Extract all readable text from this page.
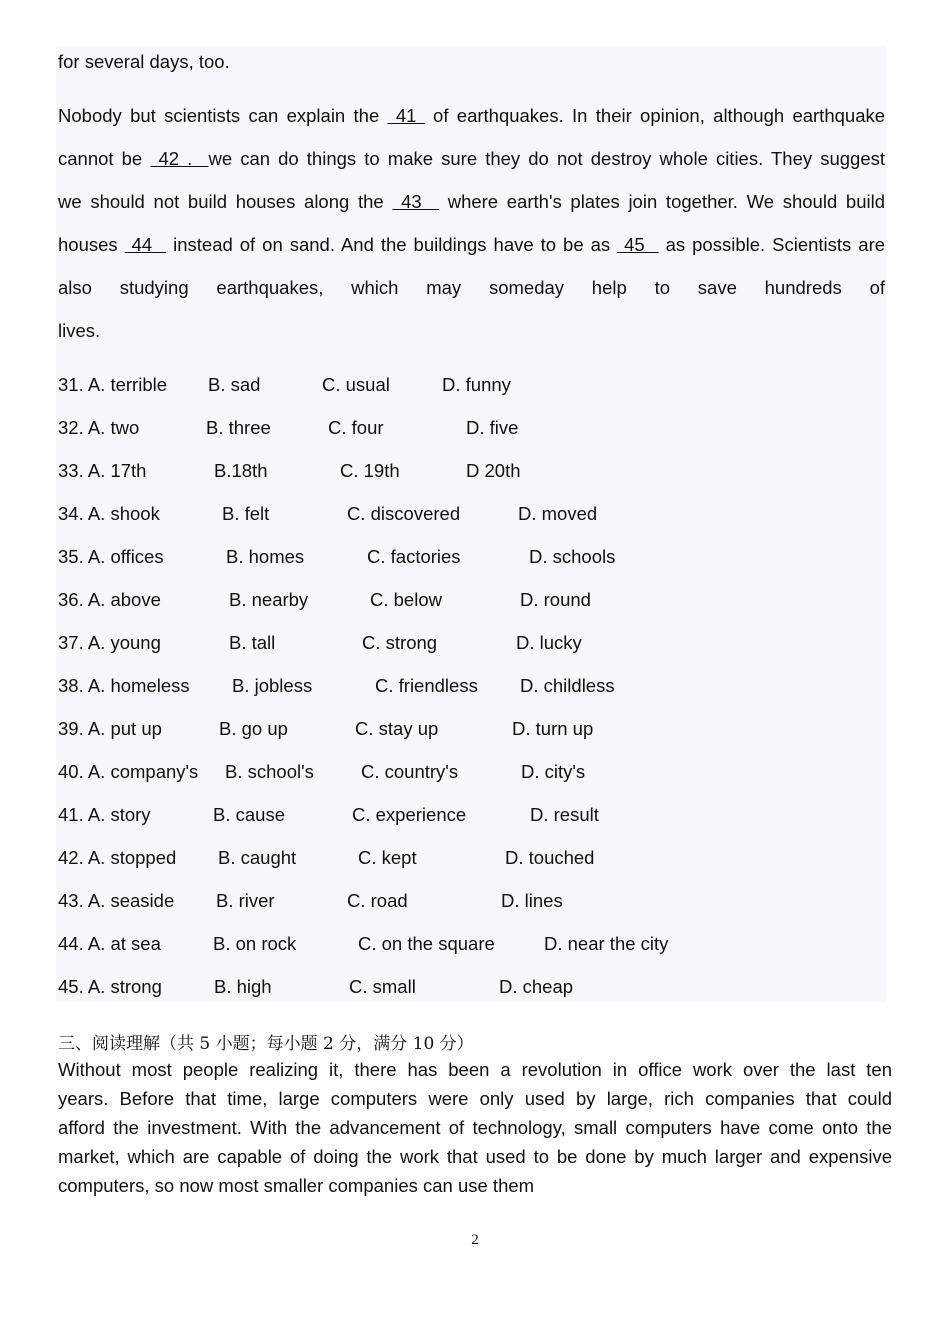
for several days, too.
Nobody but scientists can explain the  41  of earthquakes. In their opinion, although earthquake
cannot be  42 .  we can do things to make sure they do not destroy whole cities. They suggest
we should not build houses along the  43   where earth's plates join together. We should build
houses  44   instead of on sand. And the buildings have to be as  45   as possible. Scientists are
also studying earthquakes, which may someday help to save hundreds of
lives.
31. A. terrible B. sad	C. usual	D. funny
32. A. two	B. three	C. four	D. five
33. A. 17th	B.18th	C. 19th	D 20th
34. A. shook	B. felt	C. discovered	D. moved
35. A. offices	B. homes	C. factories	D. schools
36. A. above	B. nearby	C. below	D. round
37. A. young	B. tall	C. strong	D. lucky
38. A. homeless B. jobless	C. friendless D. childless
39. A. put up	B. go up	C. stay up	D. turn up
40. A. company's B. school's	C. country's	D. city's
41. A. story	B. cause	C. experience	D. result
42. A. stopped B. caught	C. kept	D. touched
43. A. seaside B. river	C. road	D. lines
44. A. at sea	B. on rock	C. on the square	D. near the city
45. A. strong	B. high	C. small	D. cheap
三、阅读理解（共 5 小题；每小题 2 分，满分 10 分）
Without most people realizing it, there has been a revolution in office work over the last ten
years. Before that time, large computers were only used by large, rich companies that could
afford the investment. With the advancement of technology, small computers have come onto the
market, which are capable of doing the work that used to be done by much larger and expensive
computers, so now most smaller companies can use them
2
